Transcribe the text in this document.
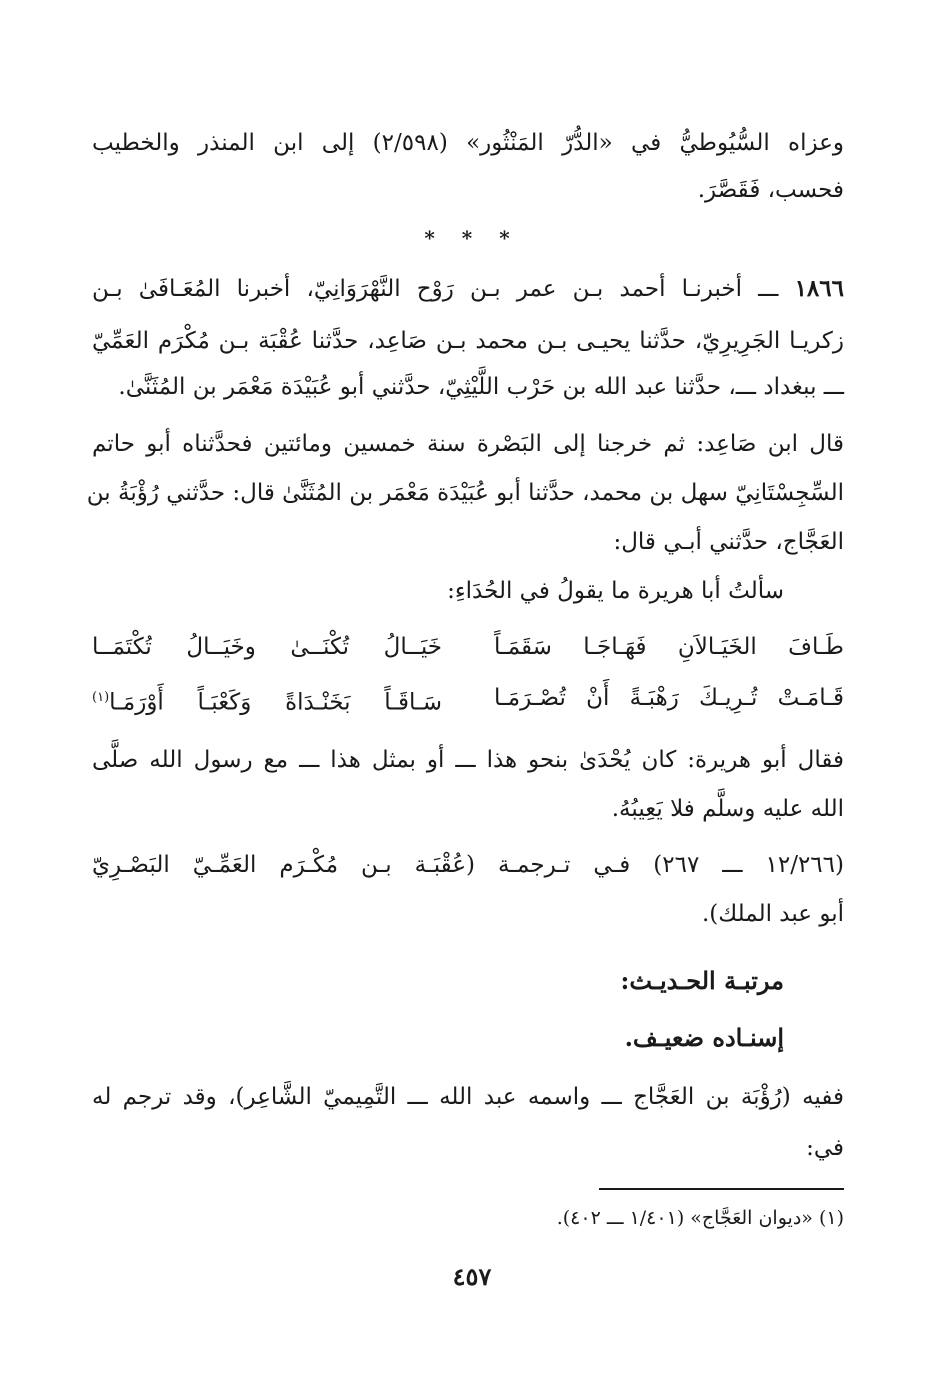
وعزاه السُّيُوطيُّ في «الدُّرّ المَنْثُور» (٢/٥٩٨) إلى ابن المنذر والخطيب
فحسب، فَقَصَّرَ.
* * *
١٨٦٦ ـــ أخبرنـا أحمد بـن عمر بـن رَوْح النَّهْرَوَانِيّ، أخبرنا المُعَـافَىٰ بـن
زكريـا الجَرِيرِيّ، حدَّثنا يحيـى بـن محمد بـن صَاعِد، حدَّثنا عُقْبَة بـن مُكْرَم العَمِّيّ
ـــ ببغداد ـــ، حدَّثنا عبد الله بن حَرْب اللَّيْثِيّ، حدَّثني أبو عُبَيْدَة مَعْمَر بن المُثَنَّىٰ.
قال ابن صَاعِد: ثم خرجنا إلى البَصْرة سنة خمسين ومائتين فحدَّثناه أبو حاتم
السِّجِسْتَانِيّ سهل بن محمد، حدَّثنا أبو عُبَيْدَة مَعْمَر بن المُثَنَّىٰ قال: حدَّثني رُؤْبَةُ بن
العَجَّاج، حدَّثني أبـي قال:
سألتُ أبا هريرة ما يقولُ في الحُدَاءِ:
طَـافَ الخَيَـالاَنِ فَهَـاجَـا سَقَمَـاً
خَيَــالُ تُكْنَــىٰ وخَيَــالُ تُكْتَمَــا
قَـامَـتْ تُـرِيـكَ رَهْبَـةً أَنْ تُصْـرَمَـا
سَـاقَـاً بَخَنْـدَاةً وَكَعْبَـاً أَوْرَمَـا$^{(١)}$
فقال أبو هريرة: كان يُحْدَىٰ بنحو هذا ـــ أو بمثل هذا ـــ مع رسول الله صلَّى
الله عليه وسلَّم فلا يَعِيبُهُ.
(١٢/٢٦٦ ـــ ٢٦٧) فـي تـرجمـة (عُقْبَـة بـن مُكْـرَم العَمِّـيّ البَصْـرِيّ
أبو عبد الملك).
مرتبـة الحـديـث:
إسنـاده ضعيـف.
ففيه (رُؤْبَة بن العَجَّاج ـــ واسمه عبد الله ـــ التَّمِيميّ الشَّاعِر)، وقد ترجم له
في:
(١) «ديوان العَجَّاج» (١/٤٠١ ـــ ٤٠٢).
٤٥٧
